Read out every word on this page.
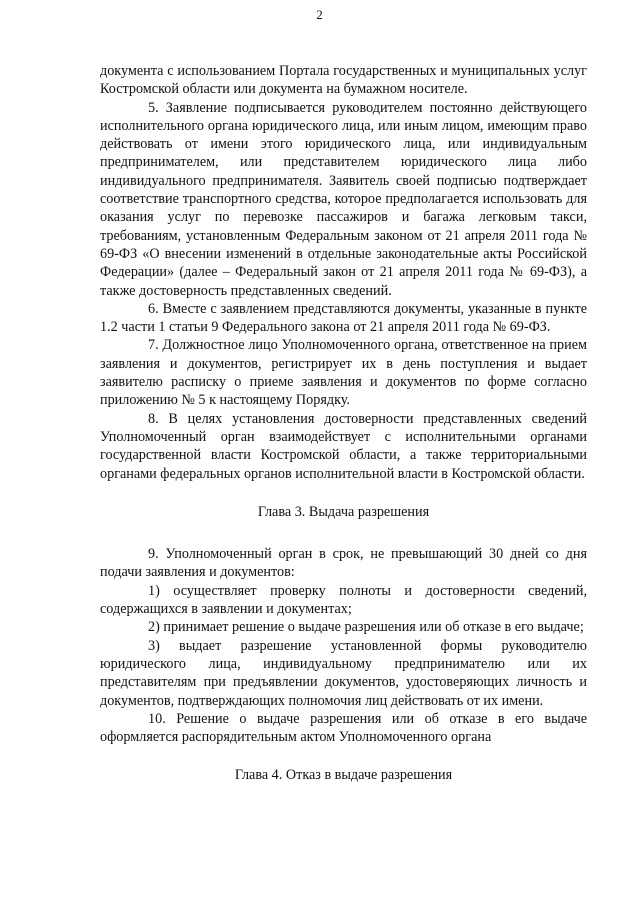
2

документа с использованием Портала государственных и муниципальных услуг Костромской области или документа на бумажном носителе.

5. Заявление подписывается руководителем постоянно действующего исполнительного органа юридического лица, или иным лицом, имеющим право действовать от имени этого юридического лица, или индивидуальным предпринимателем, или представителем юридического лица либо индивидуального предпринимателя. Заявитель своей подписью подтверждает соответствие транспортного средства, которое предполагается использовать для оказания услуг по перевозке пассажиров и багажа легковым такси, требованиям, установленным Федеральным законом от 21 апреля 2011 года № 69-ФЗ «О внесении изменений в отдельные законодательные акты Российской Федерации» (далее – Федеральный закон от 21 апреля 2011 года № 69-ФЗ), а также достоверность представленных сведений.

6. Вместе с заявлением представляются документы, указанные в пункте 1.2 части 1 статьи 9 Федерального закона от 21 апреля 2011 года № 69-ФЗ.

7. Должностное лицо Уполномоченного органа, ответственное на прием заявления и документов, регистрирует их в день поступления и выдает заявителю расписку о приеме заявления и документов по форме согласно приложению № 5 к настоящему Порядку.

8. В целях установления достоверности представленных сведений Уполномоченный орган взаимодействует с исполнительными органами государственной власти Костромской области, а также территориальными органами федеральных органов исполнительной власти в Костромской области.

Глава 3. Выдача разрешения

9. Уполномоченный орган в срок, не превышающий 30 дней со дня подачи заявления и документов:

1) осуществляет проверку полноты и достоверности сведений, содержащихся в заявлении и документах;

2) принимает решение о выдаче разрешения или об отказе в его выдаче;

3) выдает разрешение установленной формы руководителю юридического лица, индивидуальному предпринимателю или их представителям при предъявлении документов, удостоверяющих личность и документов, подтверждающих полномочия лиц действовать от их имени.

10. Решение о выдаче разрешения или об отказе в его выдаче оформляется распорядительным актом Уполномоченного органа

Глава 4. Отказ в выдаче разрешения
